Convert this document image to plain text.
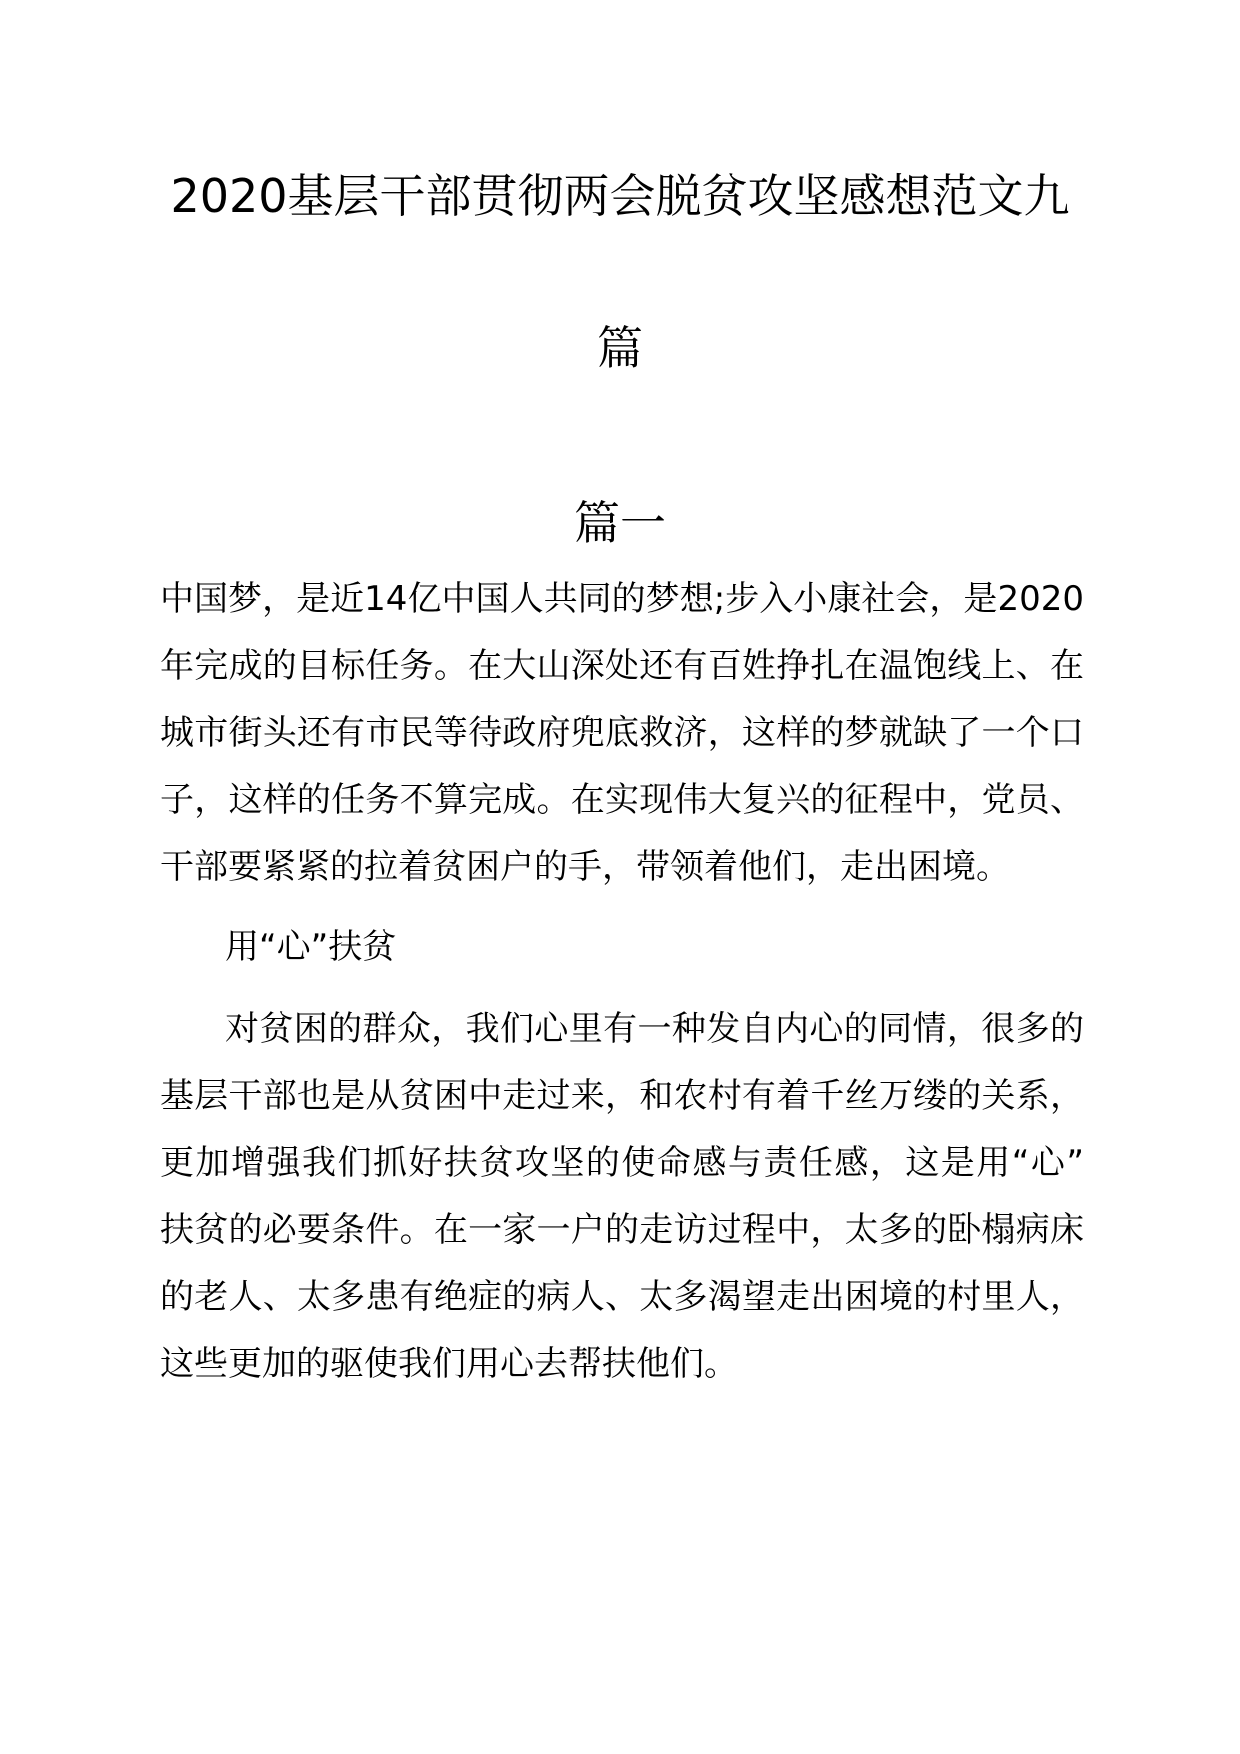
2020基层干部贯彻两会脱贫攻坚感想范文九
篇
篇一
中国梦，是近14亿中国人共同的梦想;步入小康社会，是2020
年完成的目标任务。在大山深处还有百姓挣扎在温饱线上、在
城市街头还有市民等待政府兜底救济，这样的梦就缺了一个口
子，这样的任务不算完成。在实现伟大复兴的征程中，党员、
干部要紧紧的拉着贫困户的手，带领着他们，走出困境。
用“心”扶贫
对贫困的群众，我们心里有一种发自内心的同情，很多的
基层干部也是从贫困中走过来，和农村有着千丝万缕的关系，
更加增强我们抓好扶贫攻坚的使命感与责任感，这是用“心”
扶贫的必要条件。在一家一户的走访过程中，太多的卧榻病床
的老人、太多患有绝症的病人、太多渴望走出困境的村里人，
这些更加的驱使我们用心去帮扶他们。
